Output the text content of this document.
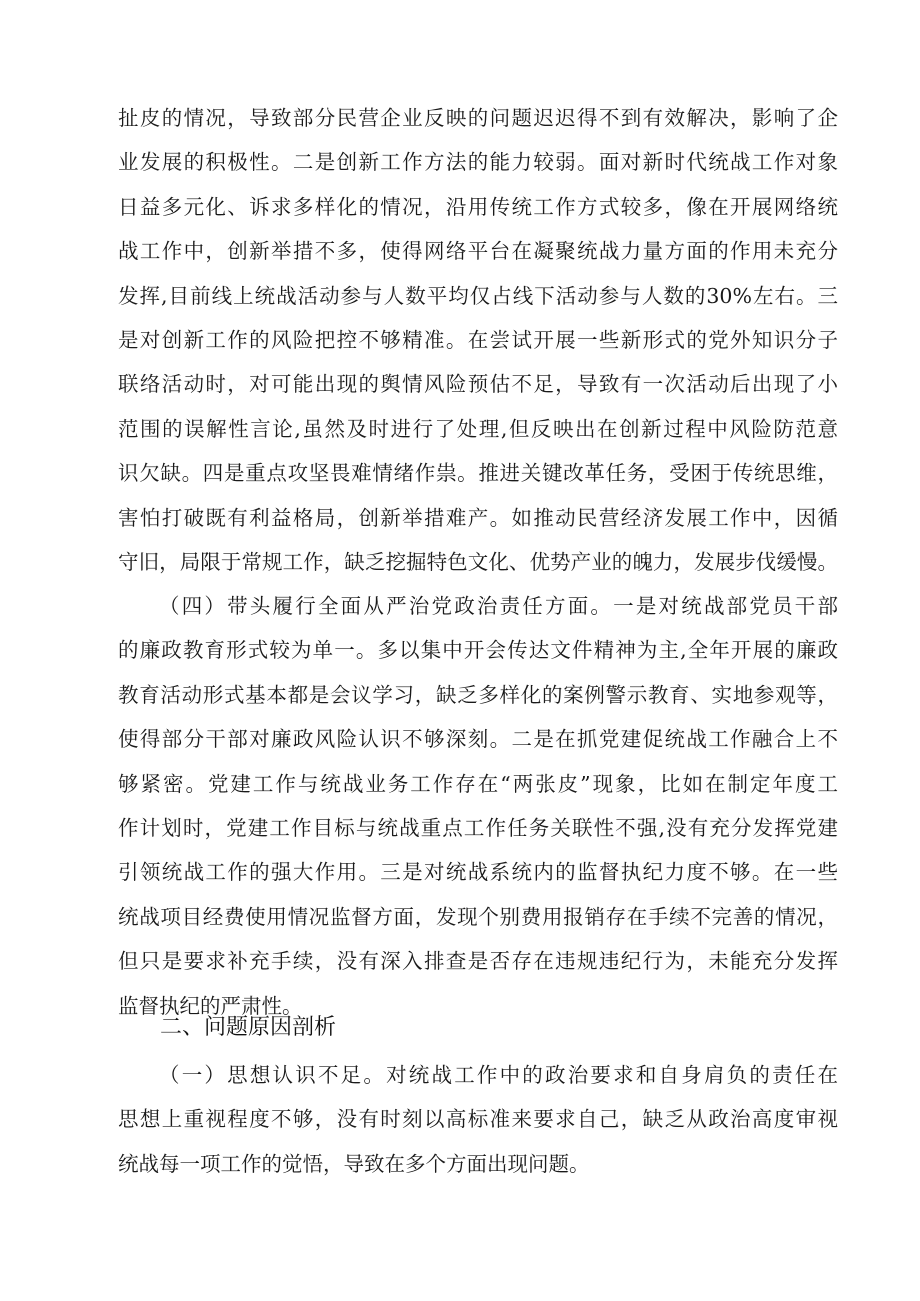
扯皮的情况，导致部分民营企业反映的问题迟迟得不到有效解决，影响了企
业发展的积极性。二是创新工作方法的能力较弱。面对新时代统战工作对象
日益多元化、诉求多样化的情况，沿用传统工作方式较多，像在开展网络统
战工作中，创新举措不多，使得网络平台在凝聚统战力量方面的作用未充分
发挥,目前线上统战活动参与人数平均仅占线下活动参与人数的30%左右。三
是对创新工作的风险把控不够精准。在尝试开展一些新形式的党外知识分子
联络活动时，对可能出现的舆情风险预估不足，导致有一次活动后出现了小
范围的误解性言论,虽然及时进行了处理,但反映出在创新过程中风险防范意
识欠缺。四是重点攻坚畏难情绪作祟。推进关键改革任务，受困于传统思维，
害怕打破既有利益格局，创新举措难产。如推动民营经济发展工作中，因循
守旧，局限于常规工作，缺乏挖掘特色文化、优势产业的魄力，发展步伐缓慢。
（四）带头履行全面从严治党政治责任方面。一是对统战部党员干部
的廉政教育形式较为单一。多以集中开会传达文件精神为主,全年开展的廉政
教育活动形式基本都是会议学习，缺乏多样化的案例警示教育、实地参观等，
使得部分干部对廉政风险认识不够深刻。二是在抓党建促统战工作融合上不
够紧密。党建工作与统战业务工作存在“两张皮”现象，比如在制定年度工
作计划时，党建工作目标与统战重点工作任务关联性不强,没有充分发挥党建
引领统战工作的强大作用。三是对统战系统内的监督执纪力度不够。在一些
统战项目经费使用情况监督方面，发现个别费用报销存在手续不完善的情况，
但只是要求补充手续，没有深入排查是否存在违规违纪行为，未能充分发挥
监督执纪的严肃性。
二、问题原因剖析
（一）思想认识不足。对统战工作中的政治要求和自身肩负的责任在
思想上重视程度不够，没有时刻以高标准来要求自己，缺乏从政治高度审视
统战每一项工作的觉悟，导致在多个方面出现问题。
